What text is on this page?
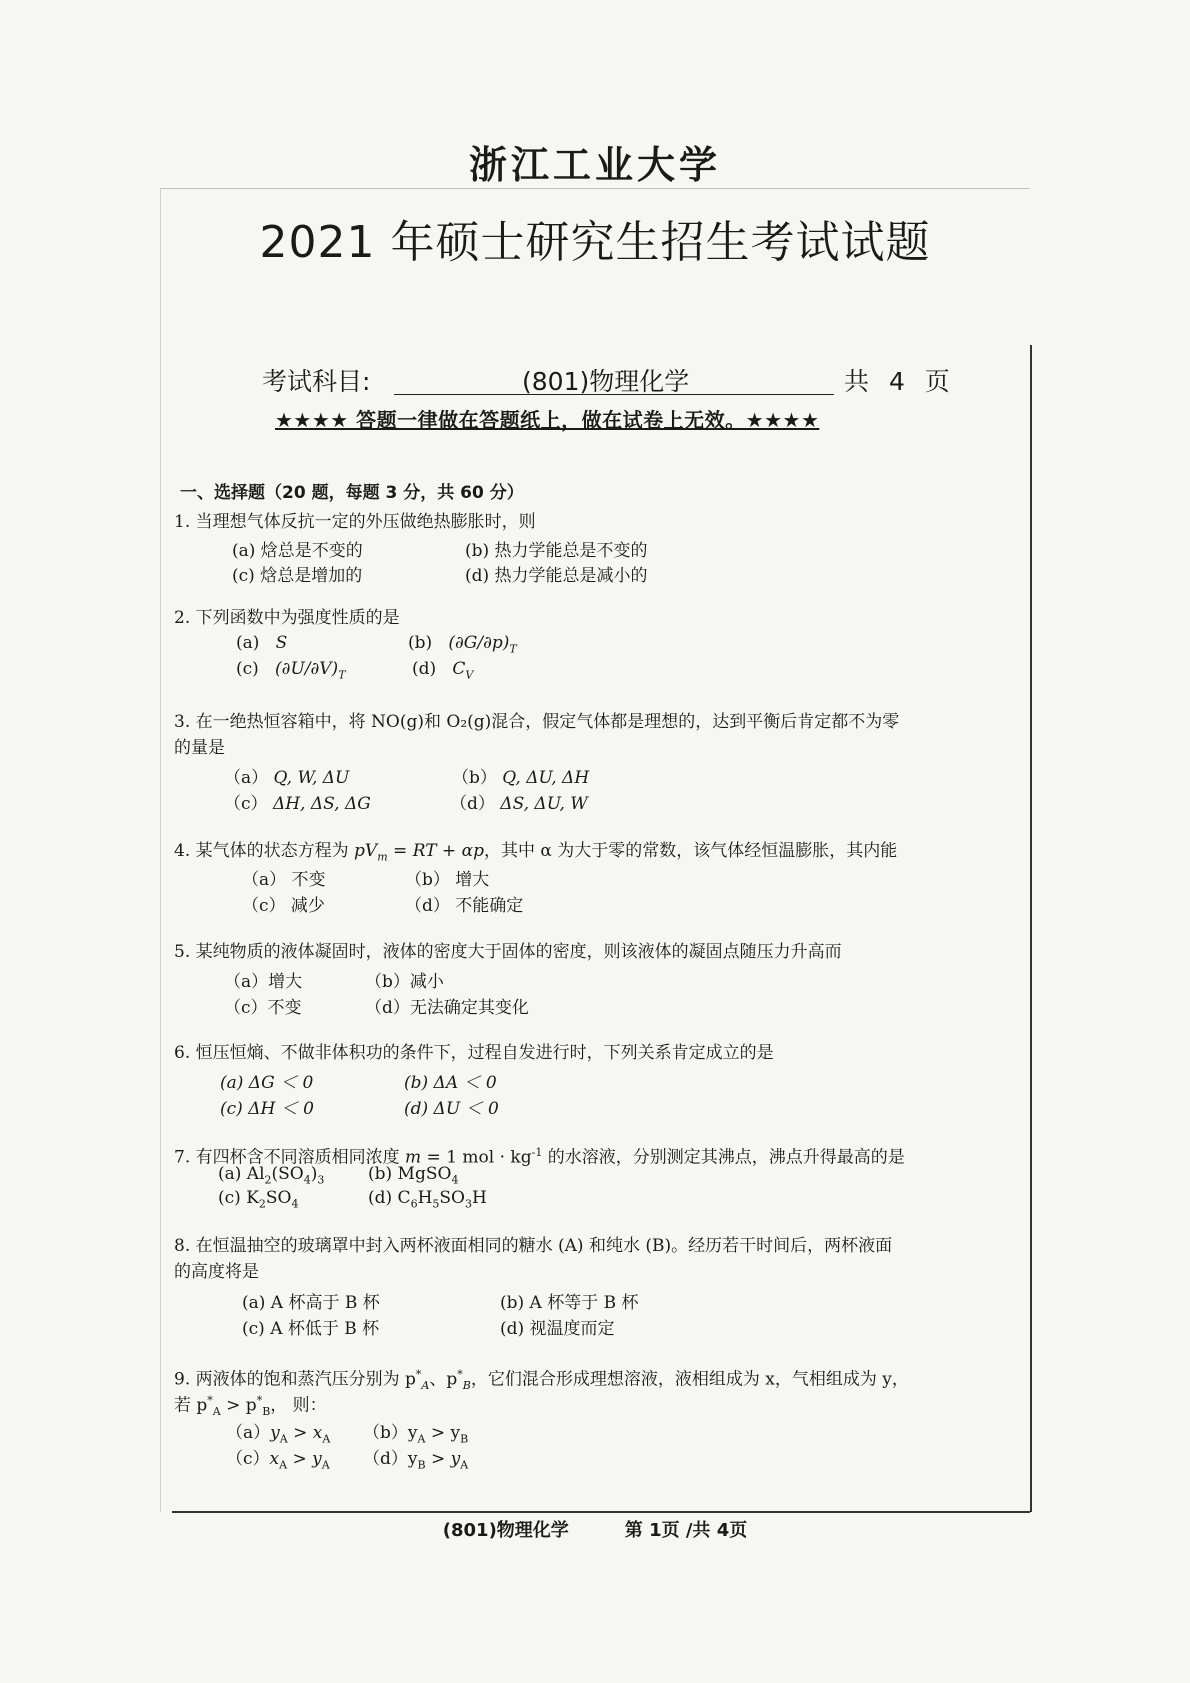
浙江工业大学
2021 年硕士研究生招生考试试题
考试科目:	(801)物理化学	共 4 页
★★★★ 答题一律做在答题纸上，做在试卷上无效。★★★★
一、选择题（20 题，每题 3 分，共 60 分）
1. 当理想气体反抗一定的外压做绝热膨胀时，则
(a) 焓总是不变的	(b) 热力学能总是不变的
(c) 焓总是增加的	(d) 热力学能总是减小的
2. 下列函数中为强度性质的是
(a) S	(b) $(\partial G/\partial p)_T$
(c) $(\partial U/\partial V)_T$	(d) $C_V$
3. 在一绝热恒容箱中，将 NO(g)和 O₂(g)混合，假定气体都是理想的，达到平衡后肯定都不为零
的量是
（a） Q, W, ΔU	（b） Q, ΔU, ΔH
（c） ΔH, ΔS, ΔG	（d） ΔS, ΔU, W
4. 某气体的状态方程为 $pV_m$ = RT + αp，其中 α 为大于零的常数，该气体经恒温膨胀，其内能
（a） 不变	（b） 增大
（c） 减少	（d） 不能确定
5. 某纯物质的液体凝固时，液体的密度大于固体的密度，则该液体的凝固点随压力升高而
（a）增大	（b）减小
（c）不变	（d）无法确定其变化
6. 恒压恒熵、不做非体积功的条件下，过程自发进行时，下列关系肯定成立的是
(a) ΔG ＜ 0	(b) ΔA ＜ 0
(c) ΔH ＜ 0	(d) ΔU ＜ 0
7. 有四杯含不同溶质相同浓度 m = 1 mol · $kg^{-1}$ 的水溶液，分别测定其沸点，沸点升得最高的是
(a) $Al_2(SO_4)_3$	(b) MgSO$_4$
(c) $K_2SO_4$	(d) $C_6H_5SO_3H$
8. 在恒温抽空的玻璃罩中封入两杯液面相同的糖水 (A) 和纯水 (B)。经历若干时间后，两杯液面
的高度将是
(a) A 杯高于 B 杯	(b) A 杯等于 B 杯
(c) A 杯低于 B 杯	(d) 视温度而定
9. 两液体的饱和蒸汽压分别为 $p^*_A$、$p^*_B$，它们混合形成理想溶液，液相组成为 x，气相组成为 y，
若 $p^*_A > p^*_B$， 则：
$(a)y_A > x_A$ $(b)y_A > y_B$
$(c)x_A > y_A$ $(d)y_B > y_A$
(801)物理化学	第 1页 /共 4页
